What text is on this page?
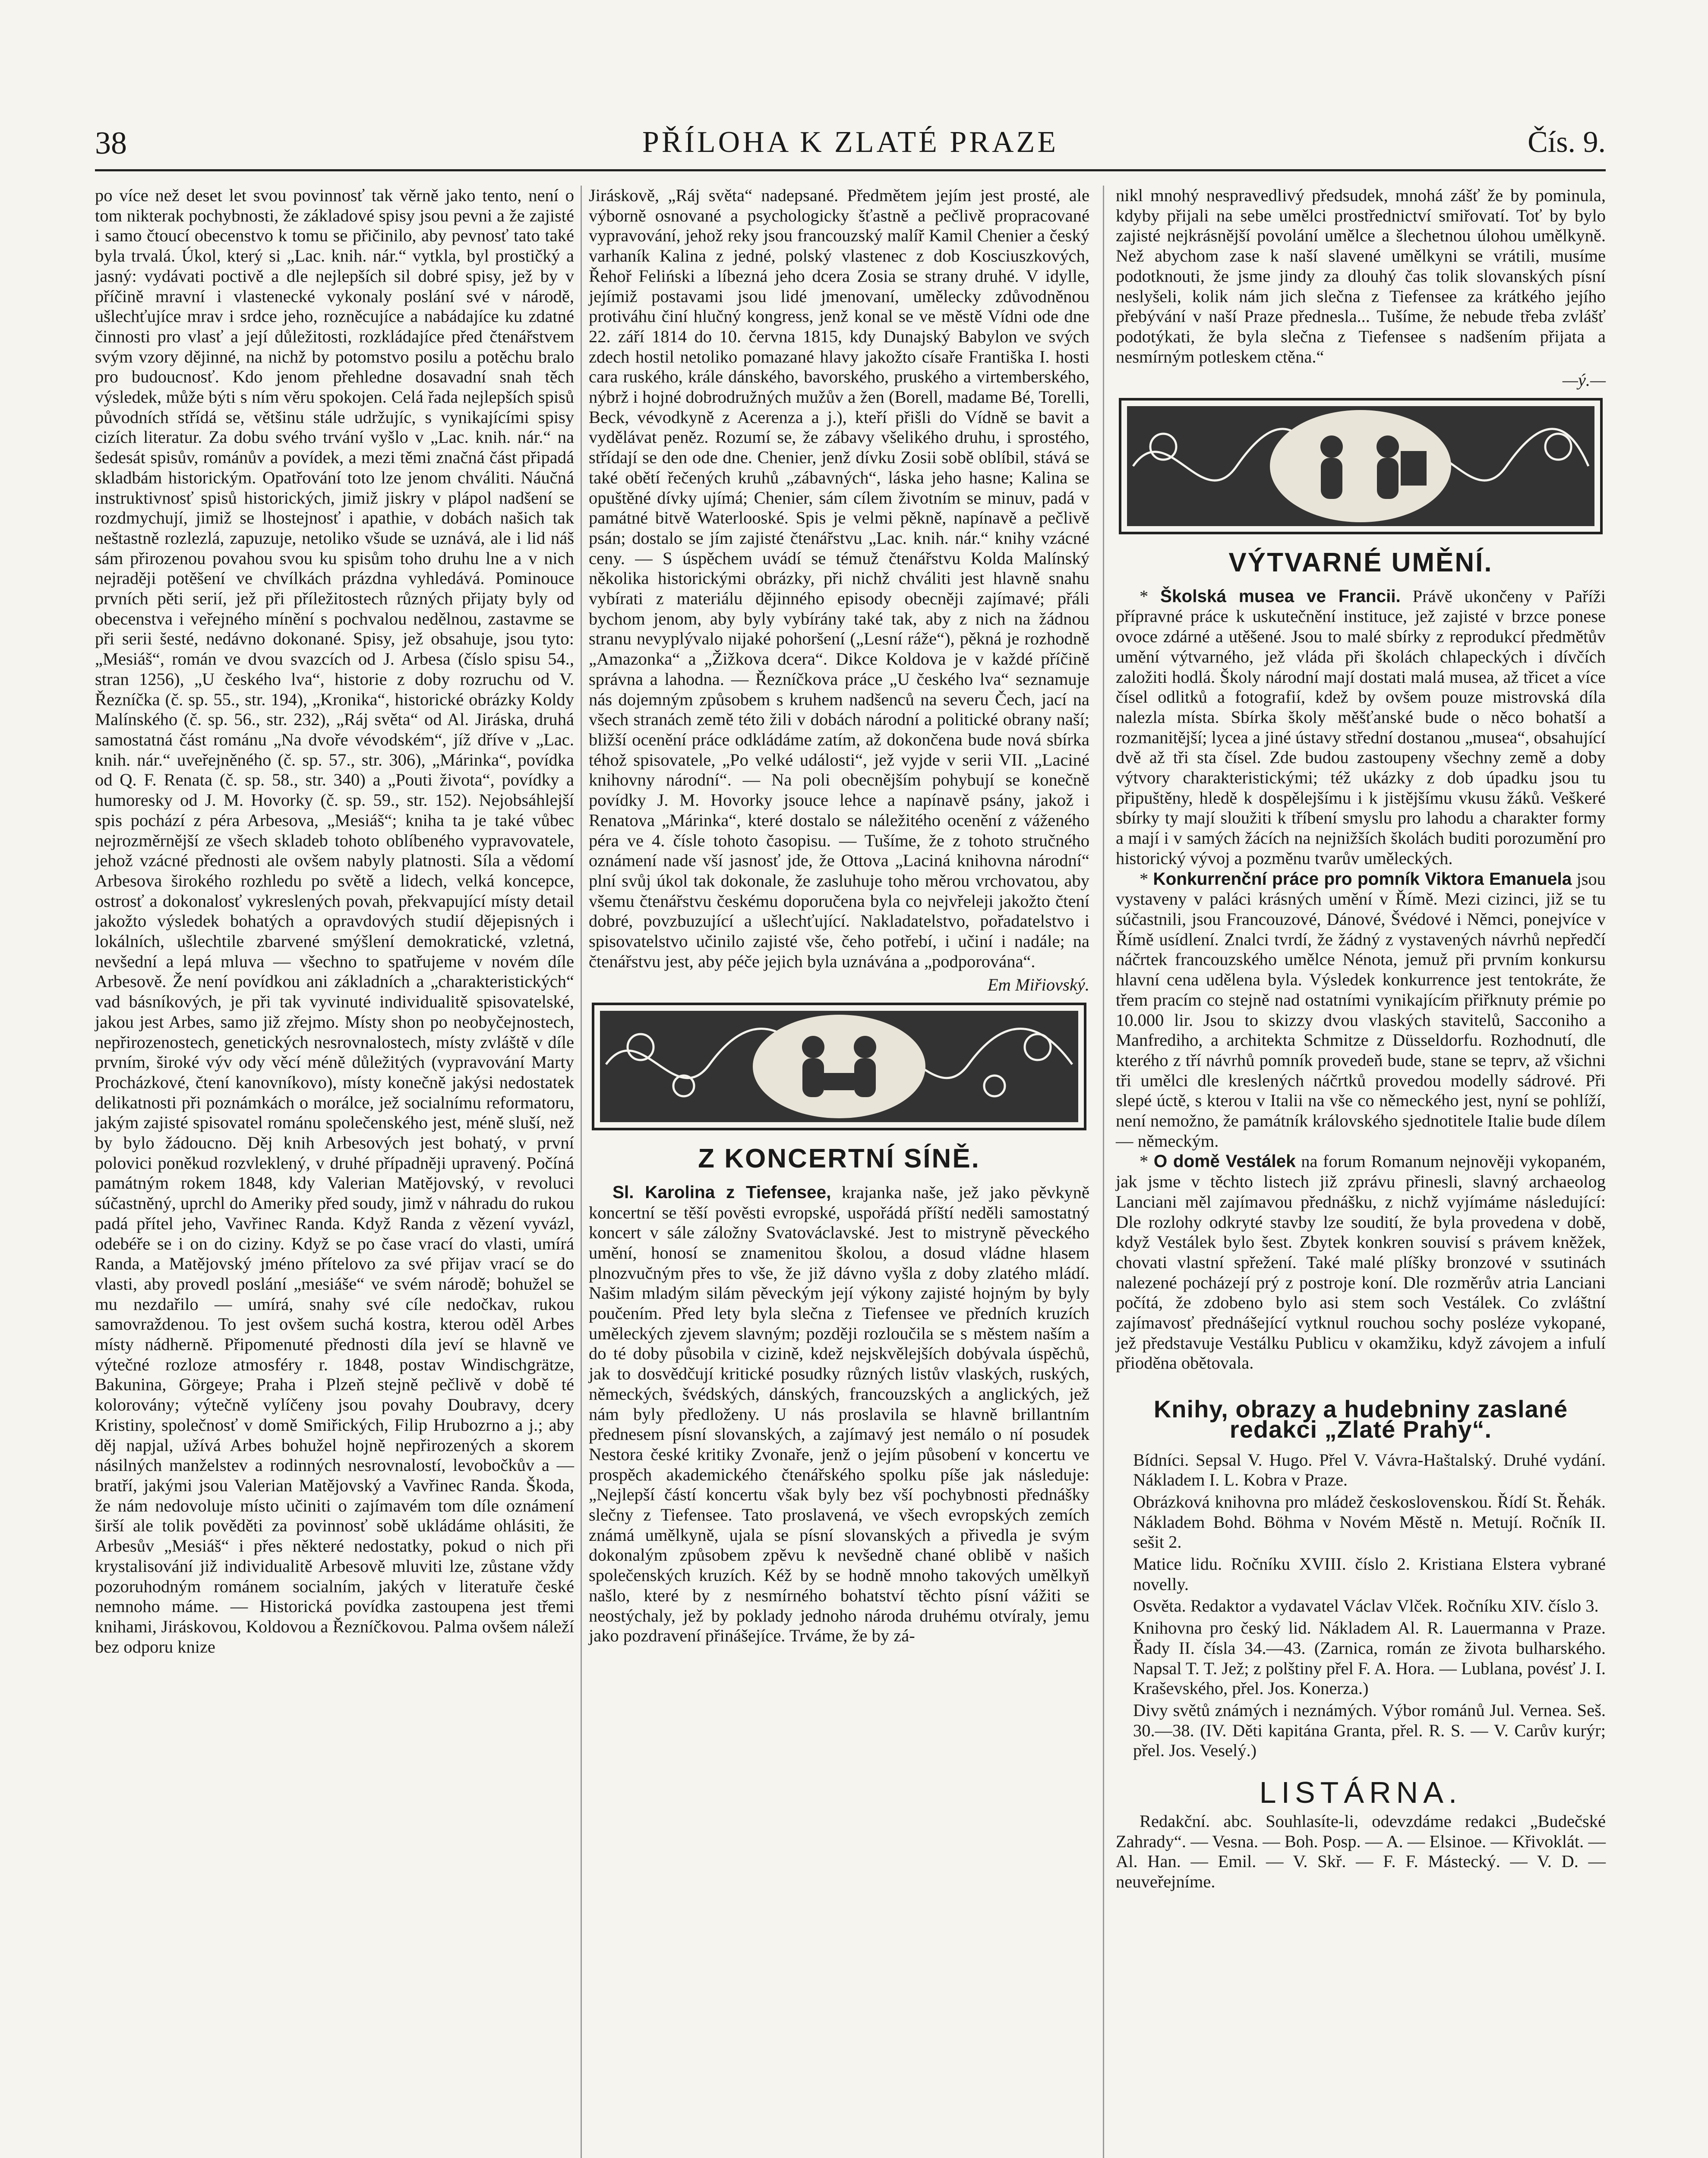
38	PŘÍLOHA K ZLATÉ PRAZE	Čís. 9.

po více než deset let svou povinnosť tak věrně jako tento, není o tom nikterak pochybnosti, že základové spisy jsou pevni a že zajisté i samo čtoucí obecenstvo k tomu se přičinilo, aby pevnosť tato také byla trvalá. Úkol, který si „Lac. knih. nár.“ vytkla, byl prostičký a jasný: vydávati poctivě a dle nejlepších sil dobré spisy, jež by v příčině mravní i vlastenecké vykonaly poslání své v národě, ušlechťujíce mrav i srdce jeho, rozněcujíce a nabádajíce ku zdatné činnosti pro vlasť a její důležitosti, rozkládajíce před čtenářstvem svým vzory dějinné, na nichž by potomstvo posilu a potěchu bralo pro budoucnosť. Kdo jenom přehledne dosavadní snah těch výsledek, může býti s ním věru spokojen. Celá řada nejlepších spisů původních střídá se, většinu stále udržujíc, s vynikajícími spisy cizích literatur. Za dobu svého trvání vyšlo v „Lac. knih. nár.“ na šedesát spisův, románův a povídek, a mezi těmi značná část připadá skladbám historickým. Opatřování toto lze jenom chváliti. Náučná instruktivnosť spisů historických, jimiž jiskry v plápol nadšení se rozdmychují, jimiž se lhostejnosť i apathie, v dobách našich tak neštastně rozlezlá, zapuzuje, netoliko všude se uznává, ale i lid náš sám přirozenou povahou svou ku spisům toho druhu lne a v nich nejraději potěšení ve chvílkách prázdna vyhledává. Pominouce prvních pěti serií, jež při příležitostech různých přijaty byly od obecenstva i veřejného mínění s pochvalou nedělnou, zastavme se při serii šesté, nedávno dokonané. Spisy, jež obsahuje, jsou tyto: „Mesiáš“, román ve dvou svazcích od J. Arbesa (číslo spisu 54., stran 1256), „U českého lva“, historie z doby rozruchu od V. Řezníčka (č. sp. 55., str. 194), „Kronika“, historické obrázky Koldy Malínského (č. sp. 56., str. 232), „Ráj světa“ od Al. Jiráska, druhá samostatná část románu „Na dvoře vévodském“, jíž dříve v „Lac. knih. nár.“ uveřejněného (č. sp. 57., str. 306), „Márinka“, povídka od Q. F. Renata (č. sp. 58., str. 340) a „Pouti života“, povídky a humoresky od J. M. Hovorky (č. sp. 59., str. 152). Nejobsáhlejší spis pochází z péra Arbesova, „Mesiáš“; kniha ta je také vůbec nejrozměrnější ze všech skladeb tohoto oblíbeného vypravovatele, jehož vzácné přednosti ale ovšem nabyly platnosti. Síla a vědomí Arbesova širokého rozhledu po světě a lidech, velká koncepce, ostrosť a dokonalosť vykreslených povah, překvapující místy detail jakožto výsledek bohatých a opravdových studií dějepisných i lokálních, ušlechtile zbarvené smýšlení demokratické, vzletná, nevšední a lepá mluva — všechno to spatřujeme v novém díle Arbesově. Že není povídkou ani základních a „charakteristických“ vad básníkových, je při tak vyvinuté individualitě spisovatelské, jakou jest Arbes, samo již zřejmo. Místy shon po neobyčejnostech, nepřirozenostech, genetických nesrovnalostech, místy zvláště v díle prvním, široké výv ody věcí méně důležitých (vypravování Marty Procházkové, čtení kanovníkovo), místy konečně jakýsi nedostatek delikatnosti při poznámkách o morálce, jež socialnímu reformatoru, jakým zajisté spisovatel románu společenského jest, méně sluší, než by bylo žádoucno. Děj knih Arbesových jest bohatý, v první polovici poněkud rozvleklený, v druhé případněji upravený. Počíná památným rokem 1848, kdy Valerian Matějovský, v revoluci súčastněný, uprchl do Ameriky před soudy, jimž v náhradu do rukou padá přítel jeho, Vavřinec Randa. Když Randa z vězení vyvázl, odebéře se i on do ciziny. Když se po čase vrací do vlasti, umírá Randa, a Matějovský jméno přítelovo za své přijav vrací se do vlasti, aby provedl poslání „mesiáše“ ve svém národě; bohužel se mu nezdařilo — umírá, snahy své cíle nedočkav, rukou samovraždenou. To jest ovšem suchá kostra, kterou oděl Arbes místy nádherně. Připomenuté přednosti díla jeví se hlavně ve výtečné rozloze atmosféry r. 1848, postav Windischgrätze, Bakunina, Görgeye; Praha i Plzeň stejně pečlivě v době té kolorovány; výtečně vylíčeny jsou povahy Doubravy, dcery Kristiny, společnosť v domě Smiřických, Filip Hrubozrno a j.; aby děj napjal, užívá Arbes bohužel hojně nepřirozených a skorem násilných manželstev a rodinných nesrovnalostí, levobočkův a — bratří, jakými jsou Valerian Matějovský a Vavřinec Randa. Škoda, že nám nedovoluje místo učiniti o zajímavém tom díle oznámení širší ale tolik pověděti za povinnosť sobě ukládáme ohlásiti, že Arbesův „Mesiáš“ i přes některé nedostatky, pokud o nich při krystalisování již individualitě Arbesově mluviti lze, zůstane vždy pozoruhodným románem socialním, jakých v literatuře české nemnoho máme. — Historická povídka zastoupena jest třemi knihami, Jiráskovou, Koldovou a Řezníčkovou. Palma ovšem náleží bez odporu knize

Jiráskově, „Ráj světa“ nadepsané. Předmětem jejím jest prosté, ale výborně osnované a psychologicky šťastně a pečlivě propracované vypravování, jehož reky jsou francouzský malíř Kamil Chenier a český varhaník Kalina z jedné, polský vlastenec z dob Kosciuszkových, Řehoř Feliński a líbezná jeho dcera Zosia se strany druhé. V idylle, jejímiž postavami jsou lidé jmenovaní, umělecky zdůvodněnou protiváhu činí hlučný kongress, jenž konal se ve městě Vídni ode dne 22. září 1814 do 10. června 1815, kdy Dunajský Babylon ve svých zdech hostil netoliko pomazané hlavy jakožto císaře Františka I. hosti cara ruského, krále dánského, bavorského, pruského a virtemberského, nýbrž i hojné dobrodružných mužův a žen (Borell, madame Bé, Torelli, Beck, vévodkyně z Acerenza a j.), kteří přišli do Vídně se bavit a vydělávat peněz. Rozumí se, že zábavy všelikého druhu, i sprostého, střídají se den ode dne. Chenier, jenž dívku Zosii sobě oblíbil, stává se také obětí řečených kruhů „zábavných“, láska jeho hasne; Kalina se opuštěné dívky ujímá; Chenier, sám cílem životním se minuv, padá v památné bitvě Waterlooské. Spis je velmi pěkně, napínavě a pečlivě psán; dostalo se jím zajisté čtenářstvu „Lac. knih. nár.“ knihy vzácné ceny. — S úspěchem uvádí se témuž čtenářstvu Kolda Malínský několika historickými obrázky, při nichž chváliti jest hlavně snahu vybírati z materiálu dějinného episody obecněji zajímavé; přáli bychom jenom, aby byly vybírány také tak, aby z nich na žádnou stranu nevyplývalo nijaké pohoršení („Lesní ráže“), pěkná je rozhodně „Amazonka“ a „Žižkova dcera“. Dikce Koldova je v každé příčině správna a lahodna. — Řezníčkova práce „U českého lva“ seznamuje nás dojemným způsobem s kruhem nadšenců na severu Čech, jací na všech stranách země této žili v dobách národní a politické obrany naší; bližší ocenění práce odkládáme zatím, až dokončena bude nová sbírka téhož spisovatele, „Po velké události“, jež vyjde v serii VII. „Laciné knihovny národní“. — Na poli obecnějším pohybují se konečně povídky J. M. Hovorky jsouce lehce a napínavě psány, jakož i Renatova „Márinka“, které dostalo se náležitého ocenění z váženého péra ve 4. čísle tohoto časopisu. — Tušíme, že z tohoto stručného oznámení nade vší jasnosť jde, že Ottova „Laciná knihovna národní“ plní svůj úkol tak dokonale, že zasluhuje toho měrou vrchovatou, aby všemu čtenářstvu českému doporučena byla co nejvřeleji jakožto čtení dobré, povzbuzující a ušlechťující. Nakladatelstvo, pořadatelstvo i spisovatelstvo učinilo zajisté vše, čeho potřebí, i učiní i nadále; na čtenářstvu jest, aby péče jejich byla uznávána a „podporována“.

Em Miřiovský.

Z KONCERTNÍ SÍNĚ.

Sl. Karolina z Tiefensee, krajanka naše, jež jako pěvkyně koncertní se těší pověsti evropské, uspořádá příští neděli samostatný koncert v sále záložny Svatováclavské. Jest to mistryně pěveckého umění, honosí se znamenitou školou, a dosud vládne hlasem plnozvučným přes to vše, že již dávno vyšla z doby zlatého mládí. Našim mladým silám pěveckým její výkony zajisté hojným by byly poučením. Před lety byla slečna z Tiefensee ve předních kruzích uměleckých zjevem slavným; později rozloučila se s městem naším a do té doby působila v cizině, kdež nejskvělejších dobývala úspěchů, jak to dosvědčují kritické posudky různých listův vlaských, ruských, německých, švédských, dánských, francouzských a anglických, jež nám byly předloženy. U nás proslavila se hlavně brillantním přednesem písní slovanských, a zajímavý jest nemálo o ní posudek Nestora české kritiky Zvonaře, jenž o jejím působení v koncertu ve prospěch akademického čtenářského spolku píše jak následuje: „Nejlepší částí koncertu však byly bez vší pochybnosti přednášky slečny z Tiefensee. Tato proslavená, ve všech evropských zemích známá umělkyně, ujala se písní slovanských a přivedla je svým dokonalým způsobem zpěvu k nevšedně chané oblibě v našich společenských kruzích. Kéž by se hodně mnoho takových umělkyň našlo, které by z nesmírného bohatství těchto písní vážiti se neostýchaly, jež by poklady jednoho národa druhému otvíraly, jemu jako pozdravení přinášejíce. Trváme, že by zá-

nikl mnohý nespravedlivý předsudek, mnohá zášť že by pominula, kdyby přijali na sebe umělci prostřednictví smiřovatí. Toť by bylo zajisté nejkrásnější povolání umělce a šlechetnou úlohou umělkyně. Než abychom zase k naší slavené umělkyni se vrátili, musíme podotknouti, že jsme jindy za dlouhý čas tolik slovanských písní neslyšeli, kolik nám jich slečna z Tiefensee za krátkého jejího přebývání v naší Praze přednesla... Tušíme, že nebude třeba zvlášť podotýkati, že byla slečna z Tiefensee s nadšením přijata a nesmírným potleskem ctěna.“

—ý.—

VÝTVARNÉ UMĚNÍ.

* Školská musea ve Francii. Právě ukončeny v Paříži přípravné práce k uskutečnění instituce, jež zajisté v brzce ponese ovoce zdárné a utěšené. Jsou to malé sbírky z reprodukcí předmětův umění výtvarného, jež vláda při školách chlapeckých i dívčích založiti hodlá. Školy národní mají dostati malá musea, až třicet a více čísel odlitků a fotografií, kdež by ovšem pouze mistrovská díla nalezla místa. Sbírka školy měšťanské bude o něco bohatší a rozmanitější; lycea a jiné ústavy střední dostanou „musea“, obsahující dvě až tři sta čísel. Zde budou zastoupeny všechny země a doby výtvory charakteristickými; též ukázky z dob úpadku jsou tu připuštěny, hledě k dospělejšímu i k jistějšímu vkusu žáků. Veškeré sbírky ty mají sloužiti k tříbení smyslu pro lahodu a charakter formy a mají i v samých žácích na nejnižších školách buditi porozumění pro historický vývoj a pozměnu tvarův uměleckých.

* Konkurrenční práce pro pomník Viktora Emanuela jsou vystaveny v paláci krásných umění v Římě. Mezi cizinci, již se tu súčastnili, jsou Francouzové, Dánové, Švédové i Němci, ponejvíce v Římě usídlení. Znalci tvrdí, že žádný z vystavených návrhů nepředčí náčrtek francouzského umělce Nénota, jemuž při prvním konkursu hlavní cena udělena byla. Výsledek konkurrence jest tentokráte, že třem pracím co stejně nad ostatními vynikajícím přiřknuty prémie po 10.000 lir. Jsou to skizzy dvou vlaských stavitelů, Sacconiho a Manfrediho, a architekta Schmitze z Düsseldorfu. Rozhodnutí, dle kterého z tří návrhů pomník provedeň bude, stane se teprv, až všichni tři umělci dle kreslených náčrtků provedou modelly sádrové. Při slepé úctě, s kterou v Italii na vše co německého jest, nyní se pohlíží, není nemožno, že památník královského sjednotitele Italie bude dílem — německým.

* O domě Vestálek na forum Romanum nejnověji vykopaném, jak jsme v těchto listech již zprávu přinesli, slavný archaeolog Lanciani měl zajímavou přednášku, z nichž vyjímáme následující: Dle rozlohy odkryté stavby lze soudití, že byla provedena v době, když Vestálek bylo šest. Zbytek konkren souvisí s právem kněžek, chovati vlastní spřežení. Také malé plíšky bronzové v ssutinách nalezené pocházejí prý z postroje koní. Dle rozměrův atria Lanciani počítá, že zdobeno bylo asi stem soch Vestálek. Co zvláštní zajímavosť přednášející vytknul rouchou sochy posléze vykopané, jež představuje Vestálku Publicu v okamžiku, když závojem a infulí přioděna obětovala.

Knihy, obrazy a hudebniny zaslané redakci „Zlaté Prahy“.

Bídníci. Sepsal V. Hugo. Přel V. Vávra-Haštalský. Druhé vydání. Nákladem I. L. Kobra v Praze.

Obrázková knihovna pro mládež československou. Řídí St. Řehák. Nákladem Bohd. Böhma v Novém Městě n. Metují. Ročník II. sešit 2.

Matice lidu. Ročníku XVIII. číslo 2. Kristiana Elstera vybrané novelly.

Osvěta. Redaktor a vydavatel Václav Vlček. Ročníku XIV. číslo 3.

Knihovna pro český lid. Nákladem Al. R. Lauermanna v Praze. Řady II. čísla 34.—43. (Zarnica, román ze života bulharského. Napsal T. T. Jež; z polštiny přel F. A. Hora. — Lublana, povésť J. I. Kraševského, přel. Jos. Konerza.)

Divy světů známých i neznámých. Výbor románů Jul. Vernea. Seš. 30.—38. (IV. Děti kapitána Granta, přel. R. S. — V. Carův kurýr; přel. Jos. Veselý.)

LISTÁRNA.

Redakční. abc. Souhlasíte-li, odevzdáme redakci „Budečské Zahrady“. — Vesna. — Boh. Posp. — A. — Elsinoe. — Křivoklát. — Al. Han. — Emil. — V. Skř. — F. F. Mástecký. — V. D. — neuveřejníme.
